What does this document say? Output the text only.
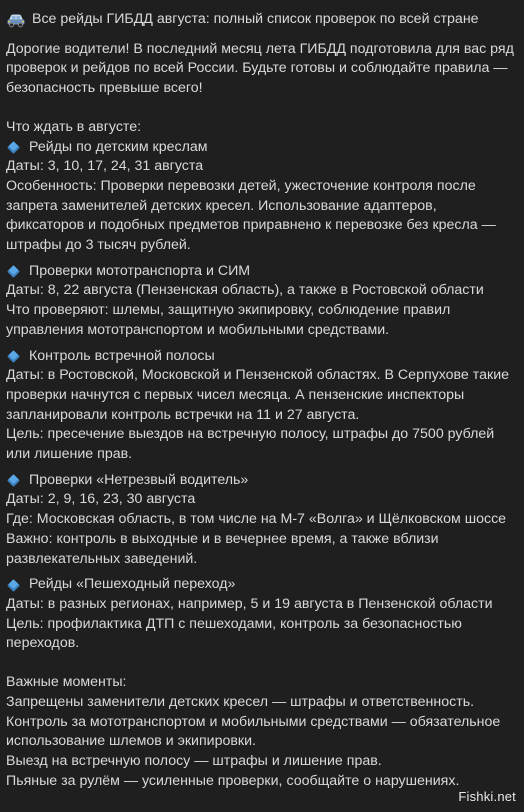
Все рейды ГИБДД августа: полный список проверок по всей стране

Дорогие водители! В последний месяц лета ГИБДД подготовила для вас ряд проверок и рейдов по всей России. Будьте готовы и соблюдайте правила — безопасность превыше всего!

Что ждать в августе:

Рейды по детским креслам

Даты: 3, 10, 17, 24, 31 августа

Особенность: Проверки перевозки детей, ужесточение контроля после запрета заменителей детских кресел. Использование адаптеров, фиксаторов и подобных предметов приравнено к перевозке без кресла — штрафы до 3 тысяч рублей.

Проверки мототранспорта и СИМ

Даты: 8, 22 августа (Пензенская область), а также в Ростовской области

Что проверяют: шлемы, защитную экипировку, соблюдение правил управления мототранспортом и мобильными средствами.

Контроль встречной полосы

Даты: в Ростовской, Московской и Пензенской областях. В Серпухове такие проверки начнутся с первых чисел месяца. А пензенские инспекторы запланировали контроль встречки на 11 и 27 августа.

Цель: пресечение выездов на встречную полосу, штрафы до 7500 рублей или лишение прав.

Проверки «Нетрезвый водитель»

Даты: 2, 9, 16, 23, 30 августа

Где: Московская область, в том числе на М-7 «Волга» и Щёлковском шоссе

Важно: контроль в выходные и в вечернее время, а также вблизи развлекательных заведений.

Рейды «Пешеходный переход»

Даты: в разных регионах, например, 5 и 19 августа в Пензенской области

Цель: профилактика ДТП с пешеходами, контроль за безопасностью переходов.

Важные моменты:

Запрещены заменители детских кресел — штрафы и ответственность.

Контроль за мототранспортом и мобильными средствами — обязательное использование шлемов и экипировки.

Выезд на встречную полосу — штрафы и лишение прав.

Пьяные за рулём — усиленные проверки, сообщайте о нарушениях.

Fishki.net
